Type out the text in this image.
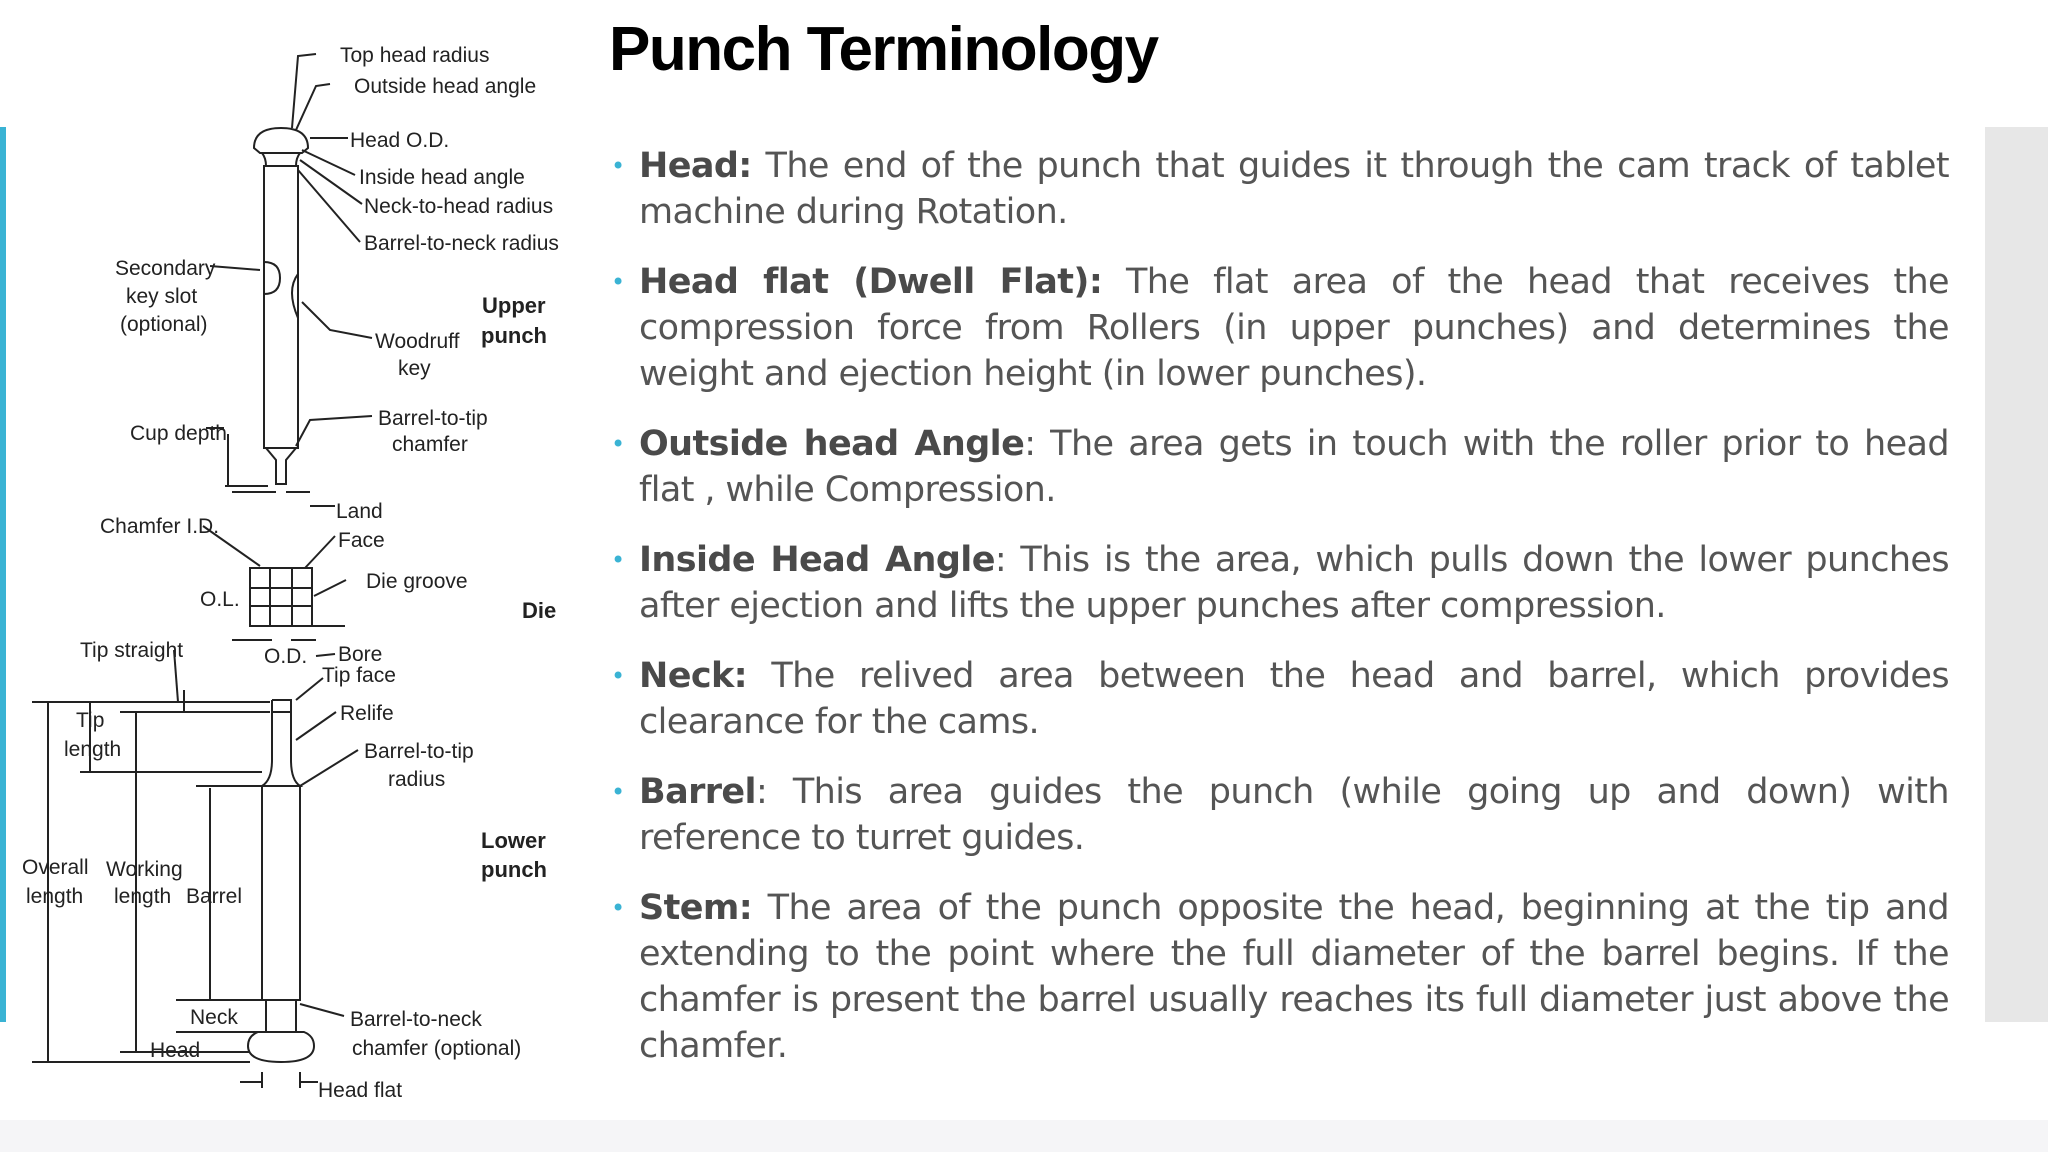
Top head radius
Outside head angle
Head O.D.
Inside head angle
Neck-to-head radius
Barrel-to-neck radius
Secondary
key slot
(optional)
Upper
punch
Woodruff
key
Barrel-to-tip
chamfer
Cup depth
Land
Chamfer I.D.
Face
Die groove
O.L.	Die
Tip straight	O.D. Bore
Tip face
Tip
length
Relife
Barrel-to-tip
radius
Lower
punch
Overall
length
Working
length Barrel
Neck
Head
Barrel-to-neck
chamfer (optional)
Head flat
Punch Terminology
• Head: The end of the punch that guides it through the cam track of tablet machine during Rotation.
• Head flat (Dwell Flat): The flat area of the head that receives the compression force from Rollers (in upper punches) and determines the weight and ejection height (in lower punches).
• Outside head Angle: The area gets in touch with the roller prior to head flat , while Compression.
• Inside Head Angle: This is the area, which pulls down the lower punches after ejection and lifts the upper punches after compression.
• Neck: The relived area between the head and barrel, which provides clearance for the cams.
• Barrel: This area guides the punch (while going up and down) with reference to turret guides.
• Stem: The area of the punch opposite the head, beginning at the tip and extending to the point where the full diameter of the barrel begins. If the chamfer is present the barrel usually reaches its full diameter just above the chamfer.
